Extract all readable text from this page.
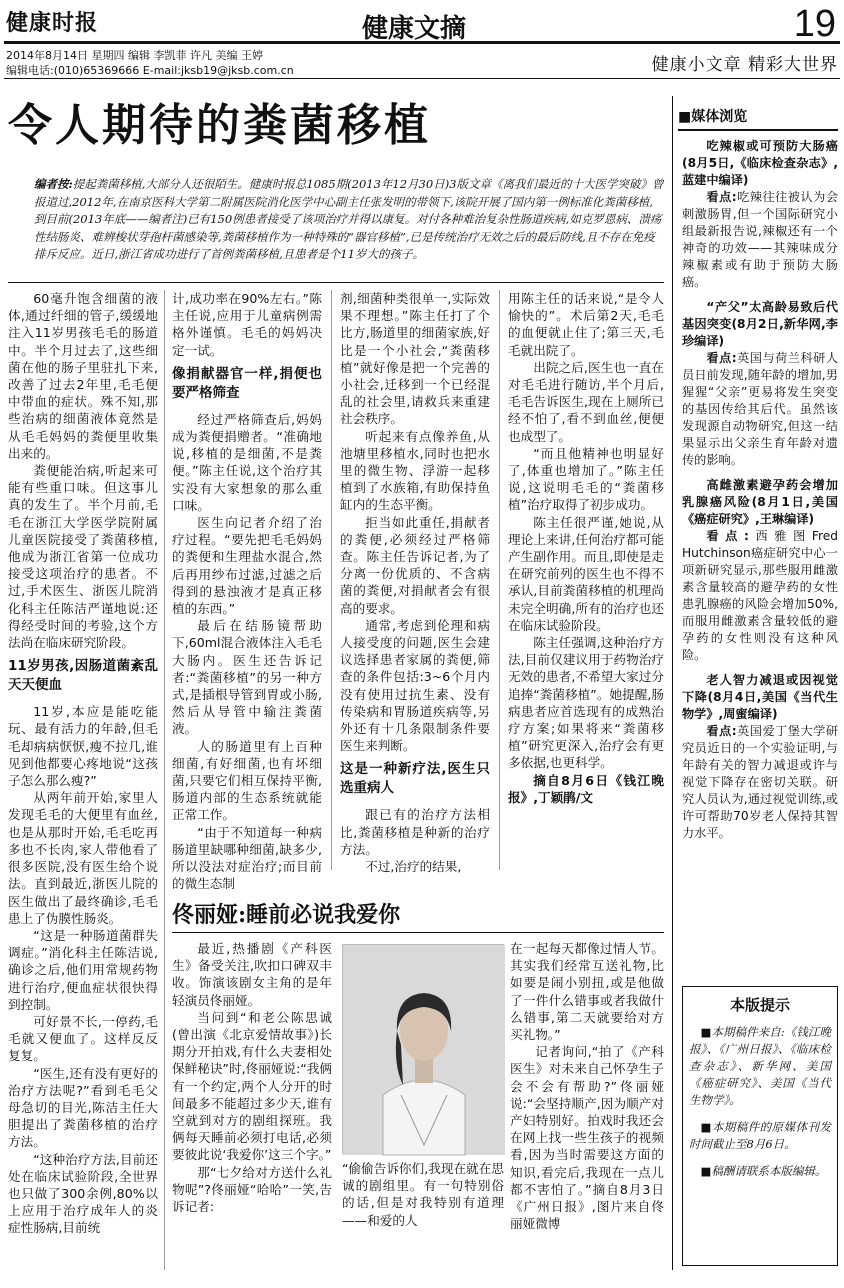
健康时报	健康文摘	19
2014年8月14日 星期四 编辑 李凯菲 许凡 美编 王婷
编辑电话:(010)65369666 E-mail:jksb19@jksb.com.cn	健康小文章 精彩大世界
令人期待的粪菌移植
编者按:提起粪菌移植,大部分人还很陌生。健康时报总1085期(2013年12月30日)3版文章《离我们最近的十大医学突破》曾报道过,2012年,在南京医科大学第二附属医院消化医学中心副主任张发明的带领下,该院开展了国内第一例标准化粪菌移植,到目前(2013年底——编者注)已有150例患者接受了该项治疗并得以康复。对付各种难治复杂性肠道疾病,如克罗恩病、溃疡性结肠炎、难辨梭状芽孢杆菌感染等,粪菌移植作为一种特殊的“器官移植”,已是传统治疗无效之后的最后防线,且不存在免疫排斥反应。近日,浙江省成功进行了首例粪菌移植,且患者是个11岁大的孩子。

60毫升饱含细菌的液体,通过纤细的管子,缓缓地注入11岁男孩毛毛的肠道中。半个月过去了,这些细菌在他的肠子里驻扎下来,改善了过去2年里,毛毛便中带血的症状。殊不知,那些治病的细菌液体竟然是从毛毛妈妈的粪便里收集出来的。

粪便能治病,听起来可能有些重口味。但这事儿真的发生了。半个月前,毛毛在浙江大学医学院附属儿童医院接受了粪菌移植,他成为浙江省第一位成功接受这项治疗的患者。不过,手术医生、浙医儿院消化科主任陈洁严谨地说:还得经受时间的考验,这个方法尚在临床研究阶段。

11岁男孩,因肠道菌紊乱天天便血

11岁,本应是能吃能玩、最有活力的年龄,但毛毛却病病恹恹,瘦不拉几,谁见到他都要心疼地说“这孩子怎么那么瘦?”

从两年前开始,家里人发现毛毛的大便里有血丝,也是从那时开始,毛毛吃再多也不长肉,家人带他看了很多医院,没有医生给个说法。直到最近,浙医儿院的医生做出了最终确诊,毛毛患上了伪膜性肠炎。

“这是一种肠道菌群失调症。”消化科主任陈洁说,确诊之后,他们用常规药物进行治疗,便血症状很快得到控制。

可好景不长,一停药,毛毛就又便血了。这样反反复复。

“医生,还有没有更好的治疗方法呢?”看到毛毛父母急切的目光,陈洁主任大胆提出了粪菌移植的治疗方法。

“这种治疗方法,目前还处在临床试验阶段,全世界也只做了300余例,80%以上应用于治疗成年人的炎症性肠病,目前统

计,成功率在90%左右。”陈主任说,应用于儿童病例需格外谨慎。毛毛的妈妈决定一试。

像捐献器官一样,捐便也要严格筛查

经过严格筛查后,妈妈成为粪便捐赠者。“准确地说,移植的是细菌,不是粪便。”陈主任说,这个治疗其实没有大家想象的那么重口味。

医生向记者介绍了治疗过程。“要先把毛毛妈妈的粪便和生理盐水混合,然后再用纱布过滤,过滤之后得到的悬浊液才是真正移植的东西。”

最后在结肠镜帮助下,60ml混合液体注入毛毛大肠内。医生还告诉记者:“粪菌移植”的另一种方式,是插根导管到胃或小肠,然后从导管中输注粪菌液。

人的肠道里有上百种细菌,有好细菌,也有坏细菌,只要它们相互保持平衡,肠道内部的生态系统就能正常工作。

“由于不知道每一种病肠道里缺哪种细菌,缺多少,所以没法对症治疗;而目前的微生态制

剂,细菌种类很单一,实际效果不理想。”陈主任打了个比方,肠道里的细菌家族,好比是一个小社会,“粪菌移植”就好像是把一个完善的小社会,迁移到一个已经混乱的社会里,请救兵来重建社会秩序。

听起来有点像养鱼,从池塘里移植水,同时也把水里的微生物、浮游一起移植到了水族箱,有助保持鱼缸内的生态平衡。

拒当如此重任,捐献者的粪便,必须经过严格筛查。陈主任告诉记者,为了分离一份优质的、不含病菌的粪便,对捐献者会有很高的要求。

通常,考虑到伦理和病人接受度的问题,医生会建议选择患者家属的粪便,筛查的条件包括:3~6个月内没有使用过抗生素、没有传染病和胃肠道疾病等,另外还有十几条限制条件要医生来判断。

这是一种新疗法,医生只选重病人

跟已有的治疗方法相比,粪菌移植是种新的治疗方法。

不过,治疗的结果,

用陈主任的话来说,“是令人愉快的”。术后第2天,毛毛的血便就止住了;第三天,毛毛就出院了。

出院之后,医生也一直在对毛毛进行随访,半个月后,毛毛告诉医生,现在上厕所已经不怕了,看不到血丝,便便也成型了。

“而且他精神也明显好了,体重也增加了。”陈主任说,这说明毛毛的“粪菌移植”治疗取得了初步成功。

陈主任很严谨,她说,从理论上来讲,任何治疗都可能产生副作用。而且,即使是走在研究前列的医生也不得不承认,目前粪菌移植的机理尚未完全明确,所有的治疗也还在临床试验阶段。

陈主任强调,这种治疗方法,目前仅建议用于药物治疗无效的患者,不希望大家过分追捧“粪菌移植”。她提醒,肠病患者应首选现有的成熟治疗方案;如果将来“粪菌移植”研究更深入,治疗会有更多依据,也更科学。

摘自8月6日《钱江晚报》,丁颖鹃/文

佟丽娅:睡前必说我爱你

最近,热播剧《产科医生》备受关注,吹扣口碑双丰收。饰演该剧女主角的是年轻演员佟丽娅。

当问到“和老公陈思诚(曾出演《北京爱情故事》)长期分开拍戏,有什么夫妻相处保鲜秘诀”时,佟丽娅说:“我俩有一个约定,两个人分开的时间最多不能超过多少天,谁有空就到对方的剧组探班。我俩每天睡前必须打电话,必须要彼此说‘我爱你’这三个字。”

那“七夕给对方送什么礼物呢”?佟丽娅“哈哈”一笑,告诉记者:

“偷偷告诉你们,我现在就在思诚的剧组里。有一句特别俗的话,但是对我特别有道理——和爱的人

在一起每天都像过情人节。其实我们经常互送礼物,比如要是闹小别扭,或是他做了一件什么错事或者我做什么错事,第二天就要给对方买礼物。”

记者询问,“拍了《产科医生》对未来自己怀孕生子会不会有帮助?”佟丽娅说:“会坚持顺产,因为顺产对产妇特别好。拍戏时我还会在网上找一些生孩子的视频看,因为当时需要这方面的知识,看完后,我现在一点儿都不害怕了。”摘自8月3日《广州日报》,图片来自佟丽娅微博

■媒体浏览
吃辣椒或可预防大肠癌(8月5日,《临床检查杂志》,蓝建中编译)
看点:吃辣往往被认为会刺激肠胃,但一个国际研究小组最新报告说,辣椒还有一个神奇的功效——其辣味成分辣椒素或有助于预防大肠癌。
“产父”太高龄易致后代基因突变(8月2日,新华网,李珍编译)
看点:英国与荷兰科研人员日前发现,随年龄的增加,男猩猩“父亲”更易将发生突变的基因传给其后代。虽然该发现源自动物研究,但这一结果显示出父亲生育年龄对遗传的影响。
高雌激素避孕药会增加乳腺癌风险(8月1日,美国《癌症研究》,王琳编译)
看点:西雅图Fred Hutchinson癌症研究中心一项新研究显示,那些服用雌激素含量较高的避孕药的女性患乳腺癌的风险会增加50%,而服用雌激素含量较低的避孕药的女性则没有这种风险。
老人智力减退或因视觉下降(8月4日,美国《当代生物学》,周蜜编译)
看点:英国爱丁堡大学研究员近日的一个实验证明,与年龄有关的智力减退或许与视觉下降存在密切关联。研究人员认为,通过视觉训练,或许可帮助70岁老人保持其智力水平。
本版提示

■本期稿件来自:《钱江晚报》、《广州日报》、《临床检查杂志》、新华网、美国《癌症研究》、美国《当代生物学》。

■本期稿件的原媒体刊发时间截止至8月6日。

■稿酬请联系本版编辑。
